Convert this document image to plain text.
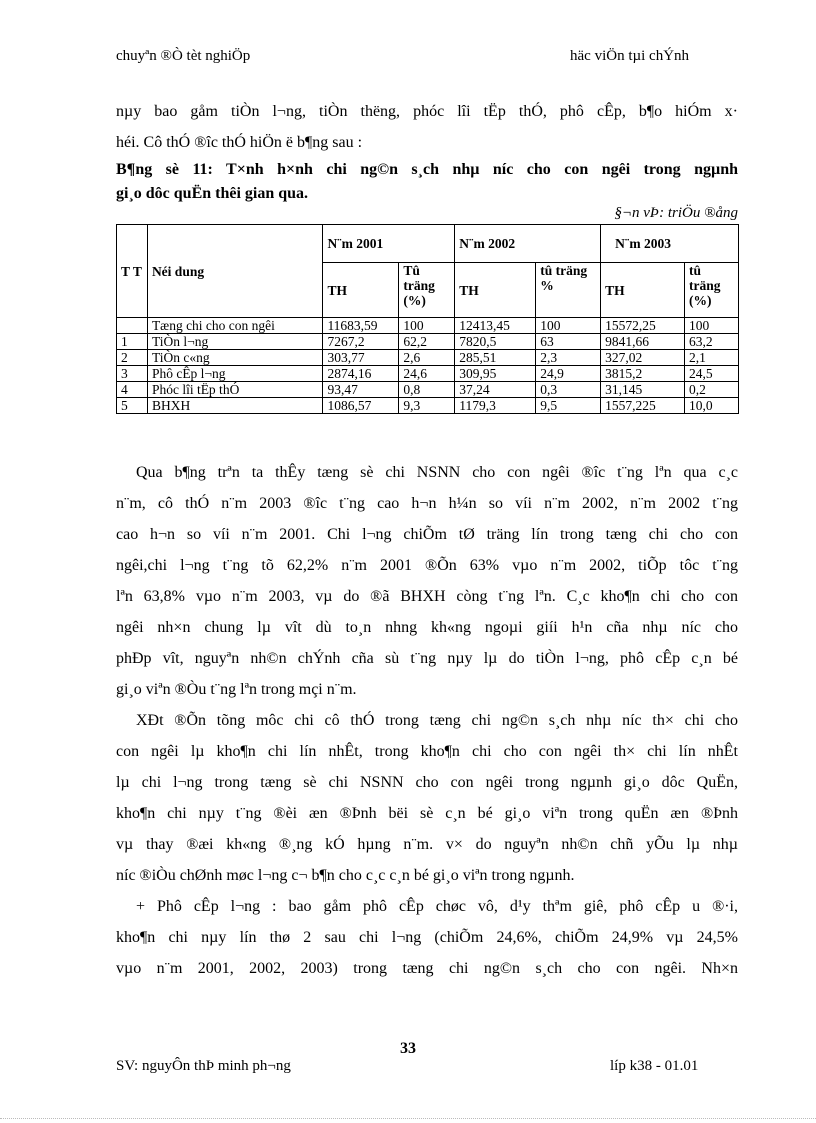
chuyªn ®Ò tèt nghiÖp	häc viÖn tµi chÝnh
nµy bao gåm tiÒn l¬ng, tiÒn thëng, phóc lîi tËp thÓ, phô cÊp, b¶o hiÓm x·
héi. Cô thÓ ®îc thÓ hiÖn ë b¶ng sau :
B¶ng sè 11: T×nh h×nh chi ng©n s¸ch nhµ níc cho con ngêi trong ngµnh
gi¸o dôc quËn thêi gian qua.
§¬n vÞ: triÖu ®ång
T T	Néi dung	N¨m 2001		N¨m 2002		N¨m 2003	
		TH	Tû träng (%)	TH	tû träng %	TH	tû träng (%)
	Tæng chi cho con ngêi	11683,59	100	12413,45	100	15572,25	100
1	TiÒn l¬ng	7267,2	62,2	7820,5	63	9841,66	63,2
2	TiÒn c«ng	303,77	2,6	285,51	2,3	327,02	2,1
3	Phô cÊp l¬ng	2874,16	24,6	309,95	24,9	3815,2	24,5
4	Phóc lîi tËp thÓ	93,47	0,8	37,24	0,3	31,145	0,2
5	BHXH	1086,57	9,3	1179,3	9,5	1557,225	10,0
Qua b¶ng trªn ta thÊy tæng sè chi NSNN cho con ngêi ®îc t¨ng lªn qua c¸c
n¨m, cô thÓ n¨m 2003 ®îc t¨ng cao h¬n h¼n so víi n¨m 2002, n¨m 2002 t¨ng
cao h¬n so víi n¨m 2001. Chi l¬ng chiÕm tØ träng lín trong tæng chi cho con
ngêi,chi l¬ng t¨ng tõ 62,2% n¨m 2001 ®Õn 63% vµo n¨m 2002, tiÕp tôc t¨ng
lªn 63,8% vµo n¨m 2003, vµ do ®ã BHXH còng t¨ng lªn. C¸c kho¶n chi cho con
ngêi nh×n chung lµ vît dù to¸n nhng kh«ng ngoµi giíi h¹n cña nhµ níc cho
phÐp vît, nguyªn nh©n chÝnh cña sù t¨ng nµy lµ do tiÒn l¬ng, phô cÊp c¸n bé
gi¸o viªn ®Òu t¨ng lªn trong mçi n¨m.
XÐt ®Õn tõng môc chi cô thÓ trong tæng chi ng©n s¸ch nhµ níc th× chi cho
con ngêi lµ kho¶n chi lín nhÊt, trong kho¶n chi cho con ngêi th× chi lín nhÊt
lµ chi l¬ng trong tæng sè chi NSNN cho con ngêi trong ngµnh gi¸o dôc QuËn,
kho¶n chi nµy t¨ng ®èi æn ®Þnh bëi sè c¸n bé gi¸o viªn trong quËn æn ®Þnh
vµ thay ®æi kh«ng ®¸ng kÓ hµng n¨m. v× do nguyªn nh©n chñ yÕu lµ nhµ
níc ®iÒu chØnh møc l¬ng c¬ b¶n cho c¸c c¸n bé gi¸o viªn trong ngµnh.
+ Phô cÊp l¬ng : bao gåm phô cÊp chøc vô, d¹y thªm giê, phô cÊp u ®·i,
kho¶n chi nµy lín thø 2 sau chi l¬ng (chiÕm 24,6%, chiÕm 24,9% vµ 24,5%
vµo n¨m 2001, 2002, 2003) trong tæng chi ng©n s¸ch cho con ngêi. Nh×n
33
SV: nguyÔn thÞ minh ph¬ng	líp k38 - 01.01
